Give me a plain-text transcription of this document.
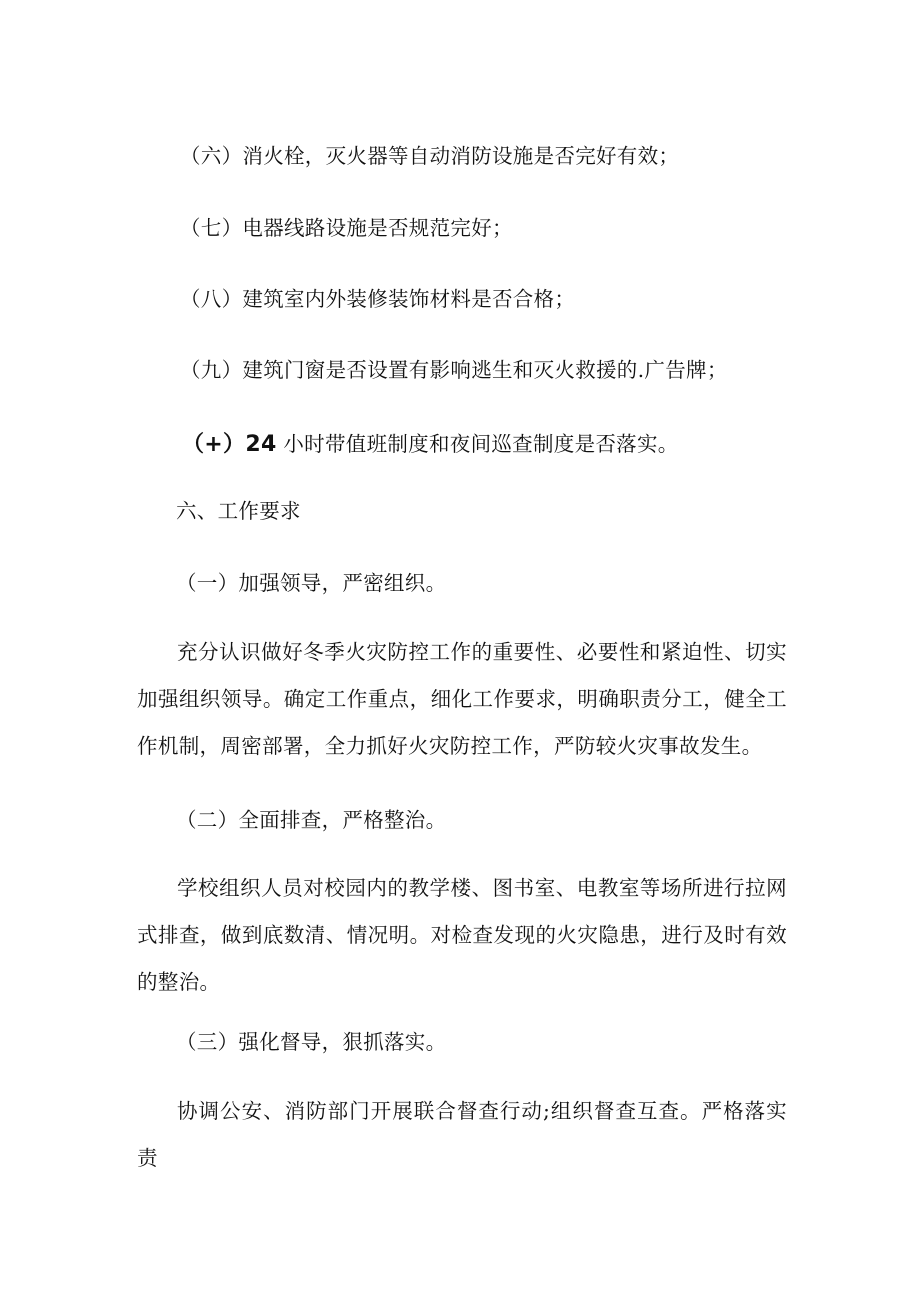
（六）消火栓，灭火器等自动消防设施是否完好有效；
（七）电器线路设施是否规范完好；
（八）建筑室内外装修装饰材料是否合格；
（九）建筑门窗是否设置有影响逃生和灭火救援的.广告牌；
（+）24 小时带值班制度和夜间巡查制度是否落实。
六、工作要求
（一）加强领导，严密组织。
充分认识做好冬季火灾防控工作的重要性、必要性和紧迫性、切实加强组织领导。确定工作重点，细化工作要求，明确职责分工，健全工作机制，周密部署，全力抓好火灾防控工作，严防较火灾事故发生。
（二）全面排查，严格整治。
学校组织人员对校园内的教学楼、图书室、电教室等场所进行拉网式排查，做到底数清、情况明。对检查发现的火灾隐患，进行及时有效的整治。
（三）强化督导，狠抓落实。
协调公安、消防部门开展联合督查行动;组织督查互查。严格落实责
